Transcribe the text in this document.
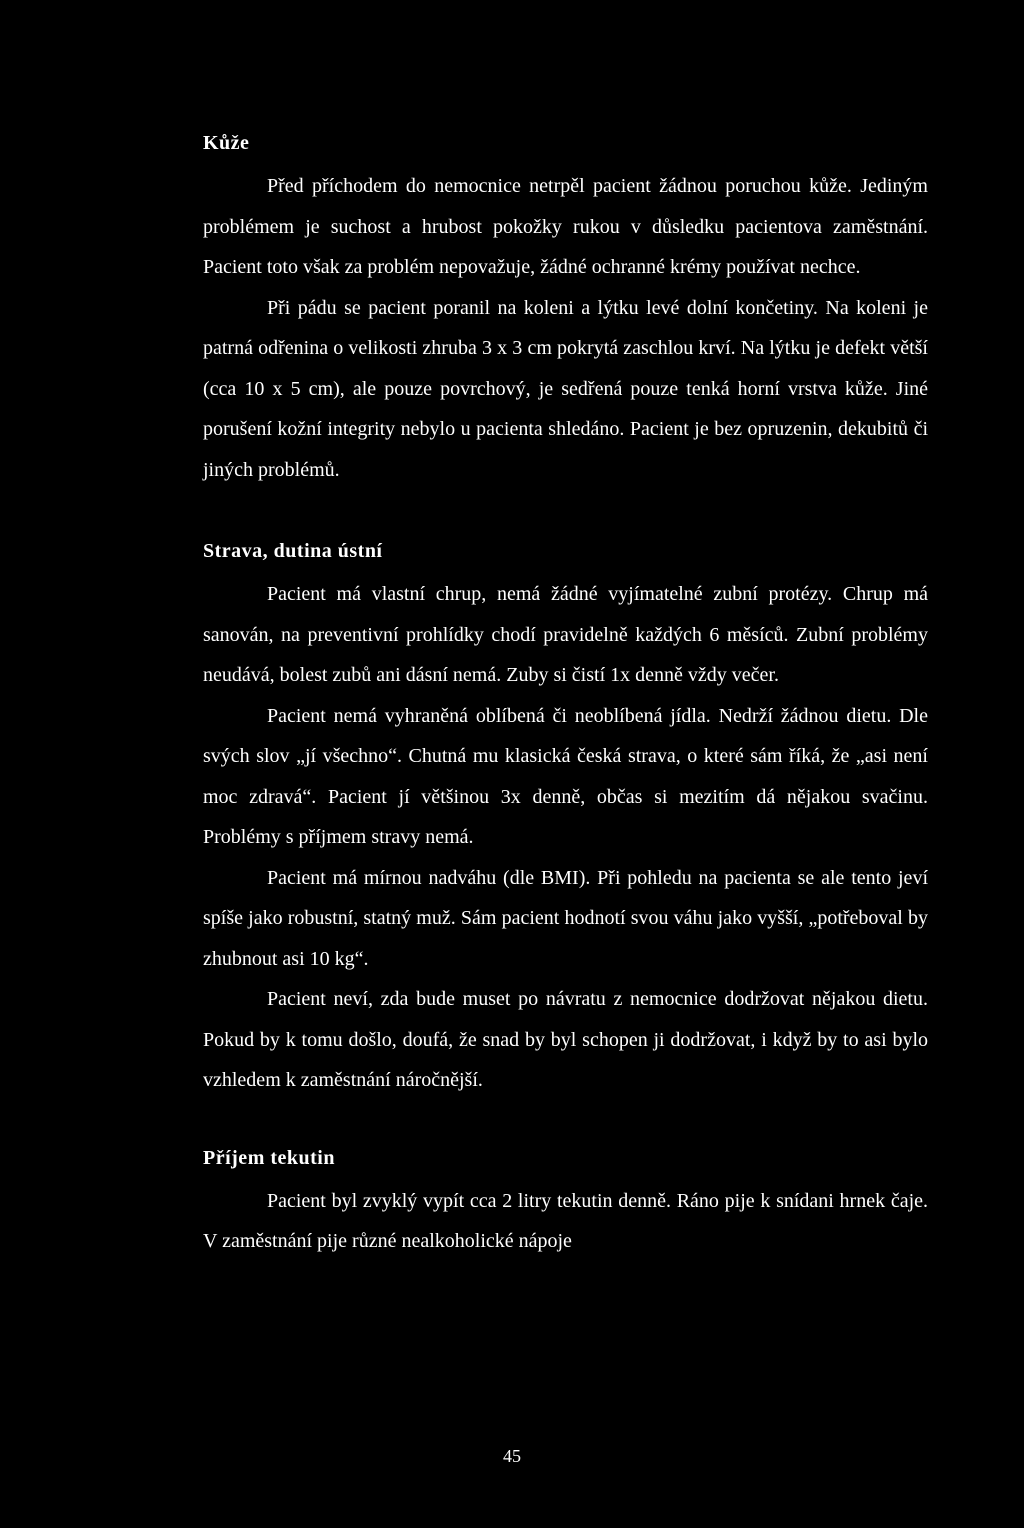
Kůže

Před příchodem do nemocnice netrpěl pacient žádnou poruchou kůže. Jediným problémem je suchost a hrubost pokožky rukou v důsledku pacientova zaměstnání. Pacient toto však za problém nepovažuje, žádné ochranné krémy používat nechce.

Při pádu se pacient poranil na koleni a lýtku levé dolní končetiny. Na koleni je patrná odřenina o velikosti zhruba 3 x 3 cm pokrytá zaschlou krví. Na lýtku je defekt větší (cca 10 x 5 cm), ale pouze povrchový, je sedřená pouze tenká horní vrstva kůže. Jiné porušení kožní integrity nebylo u pacienta shledáno. Pacient je bez opruzenin, dekubitů či jiných problémů.

Strava, dutina ústní

Pacient má vlastní chrup, nemá žádné vyjímatelné zubní protézy. Chrup má sanován, na preventivní prohlídky chodí pravidelně každých 6 měsíců. Zubní problémy neudává, bolest zubů ani dásní nemá. Zuby si čistí 1x denně vždy večer.

Pacient nemá vyhraněná oblíbená či neoblíbená jídla. Nedrží žádnou dietu. Dle svých slov „jí všechno“. Chutná mu klasická česká strava, o které sám říká, že „asi není moc zdravá“. Pacient jí většinou 3x denně, občas si mezitím dá nějakou svačinu. Problémy s příjmem stravy nemá.

Pacient má mírnou nadváhu (dle BMI). Při pohledu na pacienta se ale tento jeví spíše jako robustní, statný muž. Sám pacient hodnotí svou váhu jako vyšší, „potřeboval by zhubnout asi 10 kg“.

Pacient neví, zda bude muset po návratu z nemocnice dodržovat nějakou dietu. Pokud by k tomu došlo, doufá, že snad by byl schopen ji dodržovat, i když by to asi bylo vzhledem k zaměstnání náročnější.

Příjem tekutin

Pacient byl zvyklý vypít cca 2 litry tekutin denně. Ráno pije k snídani hrnek čaje. V zaměstnání pije různé nealkoholické nápoje

45
